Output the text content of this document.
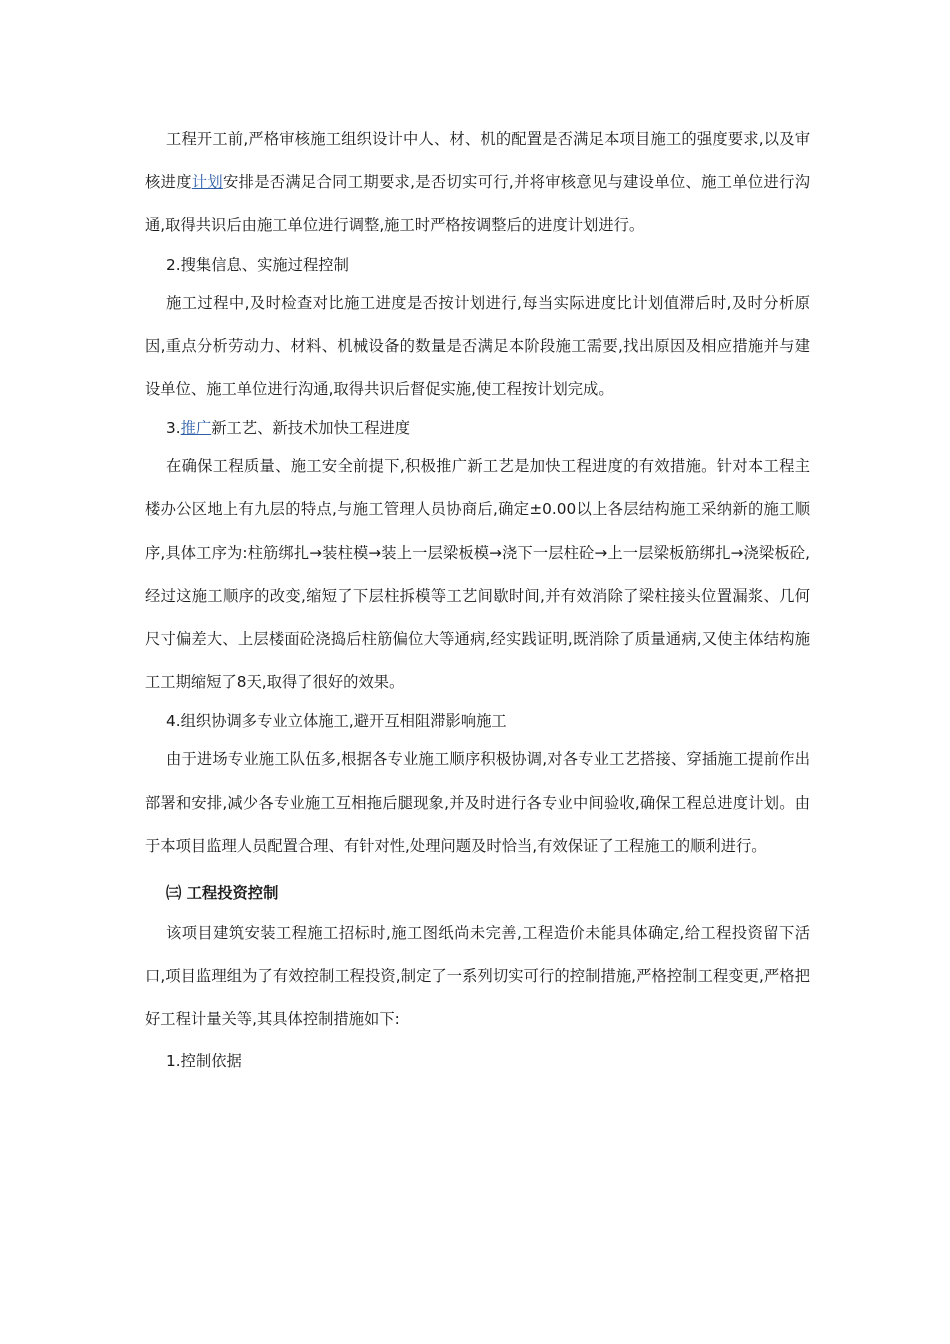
工程开工前,严格审核施工组织设计中人、材、机的配置是否满足本项目施工的强度要求,以及审核进度计划安排是否满足合同工期要求,是否切实可行,并将审核意见与建设单位、施工单位进行沟通,取得共识后由施工单位进行调整,施工时严格按调整后的进度计划进行。

2.搜集信息、实施过程控制

施工过程中,及时检查对比施工进度是否按计划进行,每当实际进度比计划值滞后时,及时分析原因,重点分析劳动力、材料、机械设备的数量是否满足本阶段施工需要,找出原因及相应措施并与建设单位、施工单位进行沟通,取得共识后督促实施,使工程按计划完成。

3.推广新工艺、新技术加快工程进度

在确保工程质量、施工安全前提下,积极推广新工艺是加快工程进度的有效措施。针对本工程主楼办公区地上有九层的特点,与施工管理人员协商后,确定±0.00以上各层结构施工采纳新的施工顺序,具体工序为:柱筋绑扎→装柱模→装上一层梁板模→浇下一层柱砼→上一层梁板筋绑扎→浇梁板砼,经过这施工顺序的改变,缩短了下层柱拆模等工艺间歇时间,并有效消除了梁柱接头位置漏浆、几何尺寸偏差大、上层楼面砼浇捣后柱筋偏位大等通病,经实践证明,既消除了质量通病,又使主体结构施工工期缩短了8天,取得了很好的效果。

4.组织协调多专业立体施工,避开互相阻滞影响施工

由于进场专业施工队伍多,根据各专业施工顺序积极协调,对各专业工艺搭接、穿插施工提前作出部署和安排,减少各专业施工互相拖后腿现象,并及时进行各专业中间验收,确保工程总进度计划。由于本项目监理人员配置合理、有针对性,处理问题及时恰当,有效保证了工程施工的顺利进行。

㈢ 工程投资控制

该项目建筑安装工程施工招标时,施工图纸尚未完善,工程造价未能具体确定,给工程投资留下活口,项目监理组为了有效控制工程投资,制定了一系列切实可行的控制措施,严格控制工程变更,严格把好工程计量关等,其具体控制措施如下:

1.控制依据
